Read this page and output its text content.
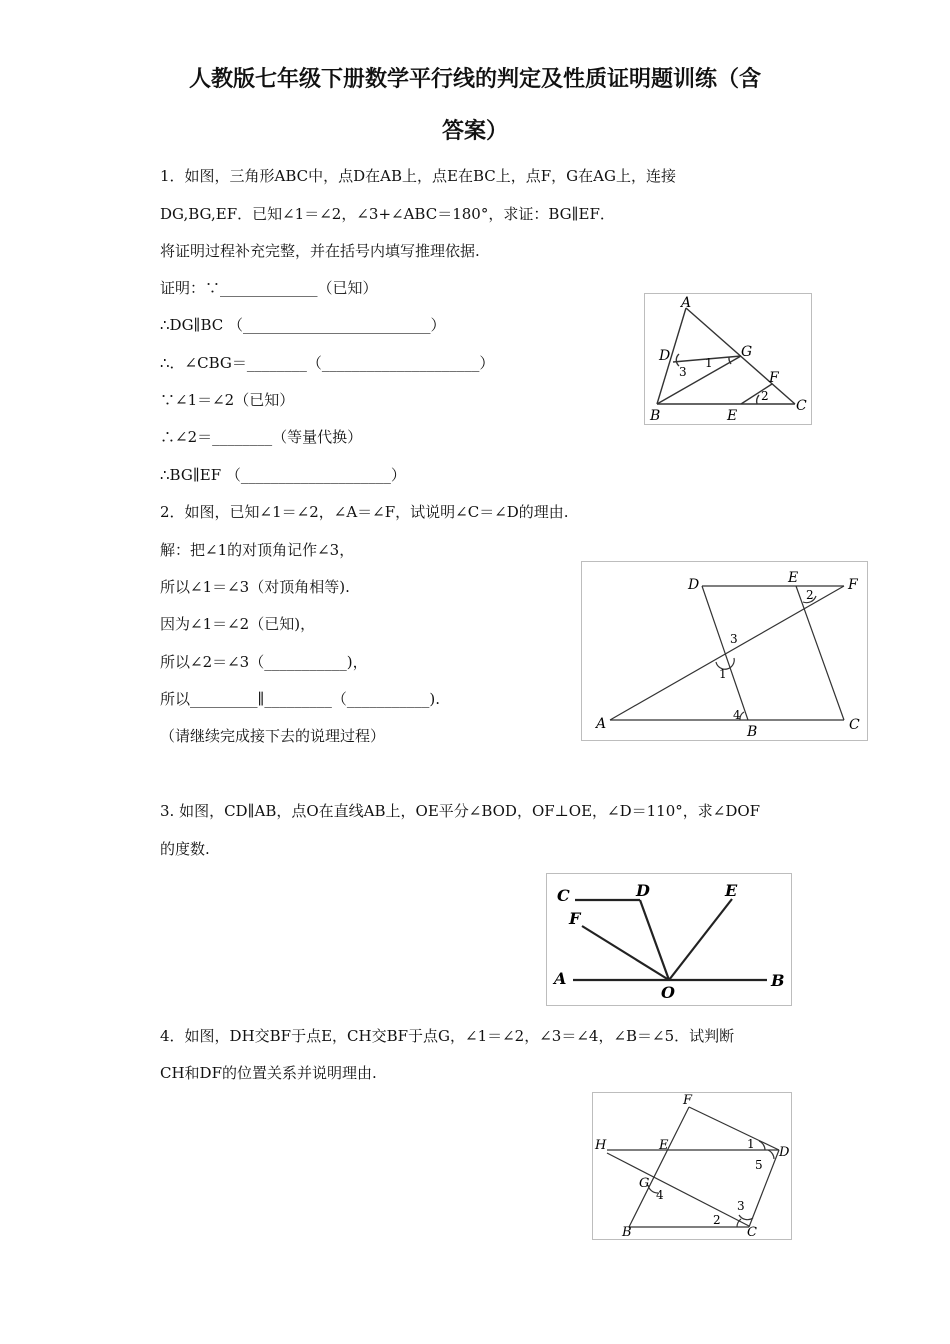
人教版七年级下册数学平行线的判定及性质证明题训练（含
答案）
1．如图，三角形ABC中，点D在AB上，点E在BC上，点F，G在AG上，连接
DG,BG,EF．已知∠1＝∠2，∠3+∠ABC＝180°，求证：BG∥EF．
将证明过程补充完整，并在括号内填写推理依据.
证明：∵_____________（已知）
∴DG∥BC （_________________________）
∴．∠CBG＝________（_____________________）
∵∠1＝∠2（已知）
∴∠2＝________（等量代换）
∴BG∥EF （____________________）
A
D	G
3
1
F
2
B	E
C
2．如图，已知∠1＝∠2，∠A＝∠F，试说明∠C＝∠D的理由.
解：把∠1的对顶角记作∠3，
所以∠1＝∠3（对顶角相等).
因为∠1＝∠2（已知)，
所以∠2＝∠3（___________)，
所以_________∥_________（___________).
（请继续完成接下去的说理过程）
D	E	F
2
3
1
4
A	B	C
3. 如图，CD∥AB，点O在直线AB上，OE平分∠BOD，OF⊥OE，∠D＝110°，求∠DOF
的度数.
C	D	E
F
A
O
B
4．如图，DH交BF于点E，CH交BF于点G，∠1＝∠2，∠3＝∠4，∠B＝∠5．试判断
CH和DF的位置关系并说明理由.
F
H	E	1
D
5
G
4
3
2
B	C
